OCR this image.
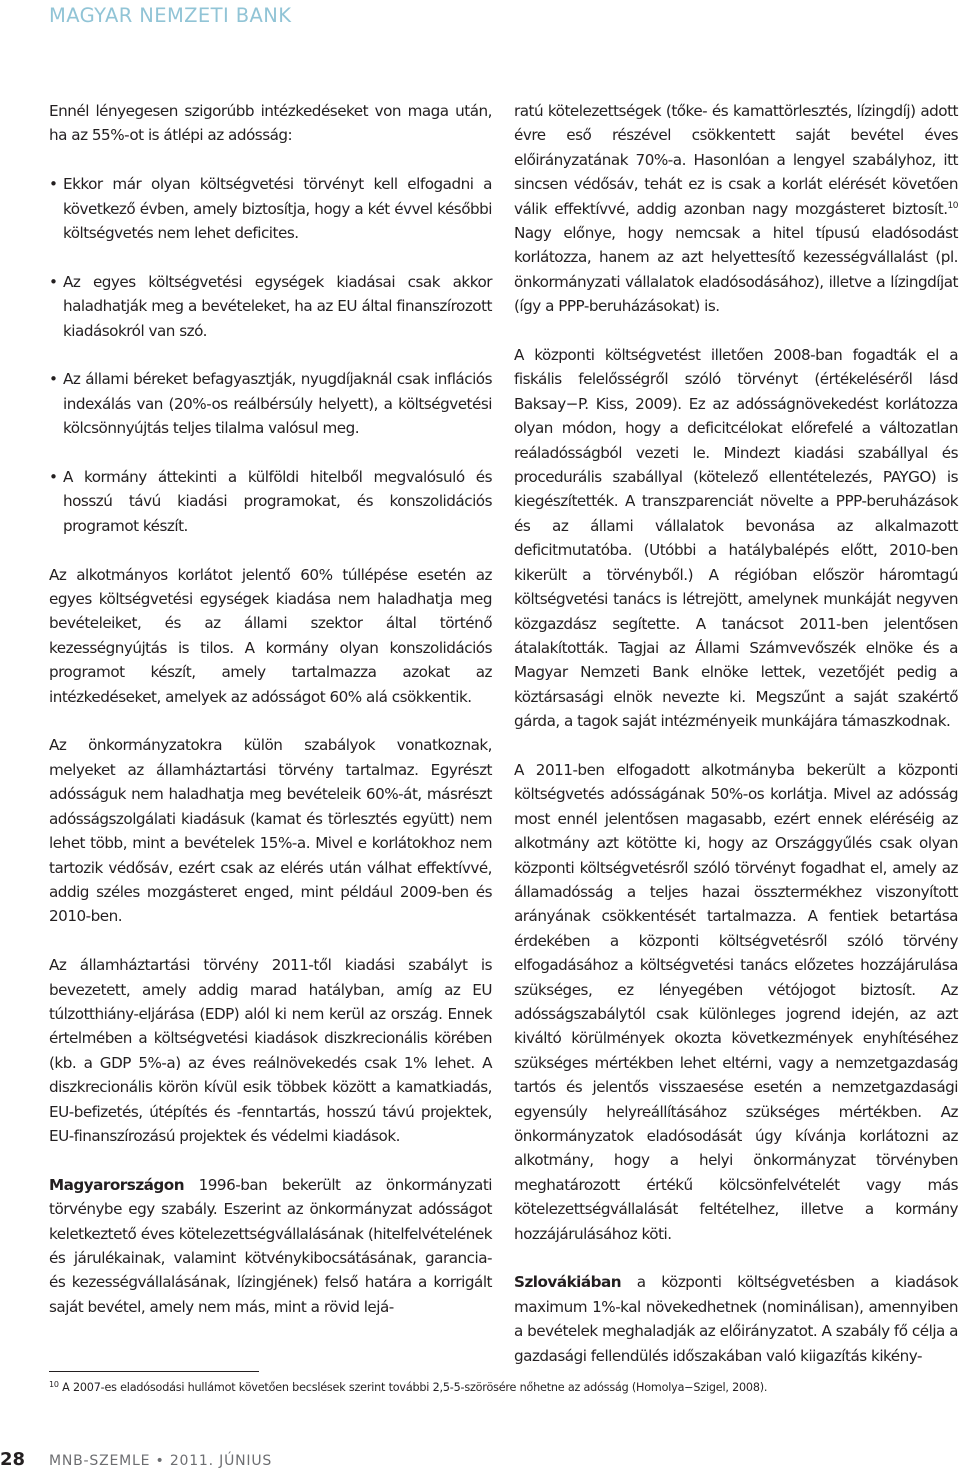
MAGYAR NEMZETI BANK

Ennél lényegesen szigorúbb intézkedéseket von maga után, ha az 55%-ot is átlépi az adósság:

• Ekkor már olyan költségvetési törvényt kell elfogadni a következő évben, amely biztosítja, hogy a két évvel későbbi költségvetés nem lehet deficites.
• Az egyes költségvetési egységek kiadásai csak akkor haladhatják meg a bevételeket, ha az EU által finanszírozott kiadásokról van szó.
• Az állami béreket befagyasztják, nyugdíjaknál csak inflációs indexálás van (20%-os reálbérsúly helyett), a költségvetési kölcsönnyújtás teljes tilalma valósul meg.
• A kormány áttekinti a külföldi hitelből megvalósuló és hosszú távú kiadási programokat, és konszolidációs programot készít.

Az alkotmányos korlátot jelentő 60% túllépése esetén az egyes költségvetési egységek kiadása nem haladhatja meg bevételeiket, és az állami szektor által történő kezességnyújtás is tilos. A kormány olyan konszolidációs programot készít, amely tartalmazza azokat az intézkedéseket, amelyek az adósságot 60% alá csökkentik.

Az önkormányzatokra külön szabályok vonatkoznak, melyeket az államháztartási törvény tartalmaz. Egyrészt adósságuk nem haladhatja meg bevételeik 60%-át, másrészt adósságszolgálati kiadásuk (kamat és törlesztés együtt) nem lehet több, mint a bevételek 15%-a. Mivel e korlátokhoz nem tartozik védősáv, ezért csak az elérés után válhat effektívvé, addig széles mozgásteret enged, mint például 2009-ben és 2010-ben.

Az államháztartási törvény 2011-től kiadási szabályt is bevezetett, amely addig marad hatályban, amíg az EU túlzotthiány-eljárása (EDP) alól ki nem kerül az ország. Ennek értelmében a költségvetési kiadások diszkrecionális körében (kb. a GDP 5%-a) az éves reálnövekedés csak 1% lehet. A diszkrecionális körön kívül esik többek között a kamatkiadás, EU-befizetés, útépítés és -fenntartás, hosszú távú projektek, EU-finanszírozású projektek és védelmi kiadások.

Magyarországon 1996-ban bekerült az önkormányzati törvénybe egy szabály. Eszerint az önkormányzat adósságot keletkeztető éves kötelezettségvállalásának (hitelfelvételének és járulékainak, valamint kötvénykibocsátásának, garancia- és kezességvállalásának, lízingjének) felső határa a korrigált saját bevétel, amely nem más, mint a rövid lejá-

ratú kötelezettségek (tőke- és kamattörlesztés, lízingdíj) adott évre eső részével csökkentett saját bevétel éves előirányzatának 70%-a. Hasonlóan a lengyel szabályhoz, itt sincsen védősáv, tehát ez is csak a korlát elérését követően válik effektívvé, addig azonban nagy mozgásteret biztosít.$^{10}$ Nagy előnye, hogy nemcsak a hitel típusú eladósodást korlátozza, hanem az azt helyettesítő kezességvállalást (pl. önkormányzati vállalatok eladósodásához), illetve a lízingdíjat (így a PPP-beruházásokat) is.

A központi költségvetést illetően 2008-ban fogadták el a fiskális felelősségről szóló törvényt (értékeléséről lásd Baksay−P. Kiss, 2009). Ez az adósságnövekedést korlátozza olyan módon, hogy a deficitcélokat előrefelé a változatlan reáladósságból vezeti le. Mindezt kiadási szabállyal és procedurális szabállyal (kötelező ellentételezés, PAYGO) is kiegészítették. A transzparenciát növelte a PPP-beruházások és az állami vállalatok bevonása az alkalmazott deficitmutatóba. (Utóbbi a hatálybalépés előtt, 2010-ben kikerült a törvényből.) A régióban először háromtagú költségvetési tanács is létrejött, amelynek munkáját negyven közgazdász segítette. A tanácsot 2011-ben jelentősen átalakították. Tagjai az Állami Számvevőszék elnöke és a Magyar Nemzeti Bank elnöke lettek, vezetőjét pedig a köztársasági elnök nevezte ki. Megszűnt a saját szakértő gárda, a tagok saját intézményeik munkájára támaszkodnak.

A 2011-ben elfogadott alkotmányba bekerült a központi költségvetés adósságának 50%-os korlátja. Mivel az adósság most ennél jelentősen magasabb, ezért ennek eléréséig az alkotmány azt kötötte ki, hogy az Országgyűlés csak olyan központi költségvetésről szóló törvényt fogadhat el, amely az államadósság a teljes hazai össztermékhez viszonyított arányának csökkentését tartalmazza. A fentiek betartása érdekében a központi költségvetésről szóló törvény elfogadásához a költségvetési tanács előzetes hozzájárulása szükséges, ez lényegében vétójogot biztosít. Az adósságszabálytól csak különleges jogrend idején, az azt kiváltó körülmények okozta következmények enyhítéséhez szükséges mértékben lehet eltérni, vagy a nemzetgazdaság tartós és jelentős visszaesése esetén a nemzetgazdasági egyensúly helyreállításához szükséges mértékben. Az önkormányzatok eladósodását úgy kívánja korlátozni az alkotmány, hogy a helyi önkormányzat törvényben meghatározott értékű kölcsönfelvételét vagy más kötelezettségvállalását feltételhez, illetve a kormány hozzájárulásához köti.

Szlovákiában a központi költségvetésben a kiadások maximum 1%-kal növekedhetnek (nominálisan), amennyiben a bevételek meghaladják az előirányzatot. A szabály fő célja a gazdasági fellendülés időszakában való kiigazítás kikény-

$^{10}$ A 2007-es eladósodási hullámot követően becslések szerint további 2,5-5-szörösére nőhetne az adósság (Homolya−Szigel, 2008).
28 MNB-SZEMLE • 2011. JÚNIUS
